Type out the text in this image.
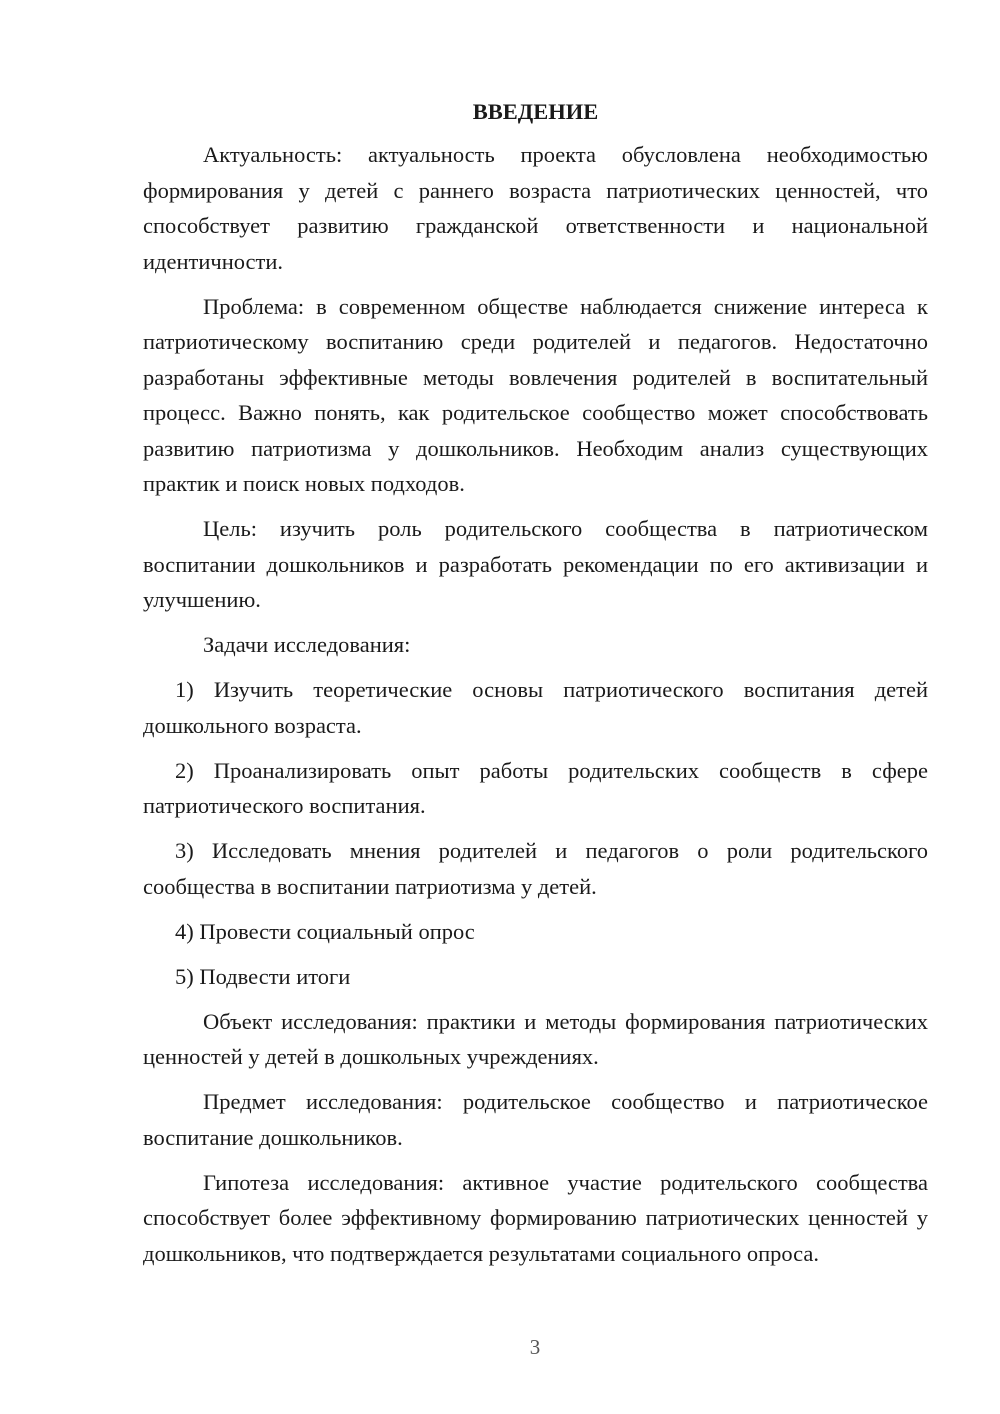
ВВЕДЕНИЕ

Актуальность: актуальность проекта обусловлена необходимостью формирования у детей с раннего возраста патриотических ценностей, что способствует развитию гражданской ответственности и национальной идентичности.

Проблема: в современном обществе наблюдается снижение интереса к патриотическому воспитанию среди родителей и педагогов. Недостаточно разработаны эффективные методы вовлечения родителей в воспитательный процесс. Важно понять, как родительское сообщество может способствовать развитию патриотизма у дошкольников. Необходим анализ существующих практик и поиск новых подходов.

Цель: изучить роль родительского сообщества в патриотическом воспитании дошкольников и разработать рекомендации по его активизации и улучшению.

Задачи исследования:

1) Изучить теоретические основы патриотического воспитания детей дошкольного возраста.

2) Проанализировать опыт работы родительских сообществ в сфере патриотического воспитания.

3) Исследовать мнения родителей и педагогов о роли родительского сообщества в воспитании патриотизма у детей.

4) Провести социальный опрос

5) Подвести итоги

Объект исследования: практики и методы формирования патриотических ценностей у детей в дошкольных учреждениях.

Предмет исследования: родительское сообщество и патриотическое воспитание дошкольников.

Гипотеза исследования: активное участие родительского сообщества способствует более эффективному формированию патриотических ценностей у дошкольников, что подтверждается результатами социального опроса.

3
